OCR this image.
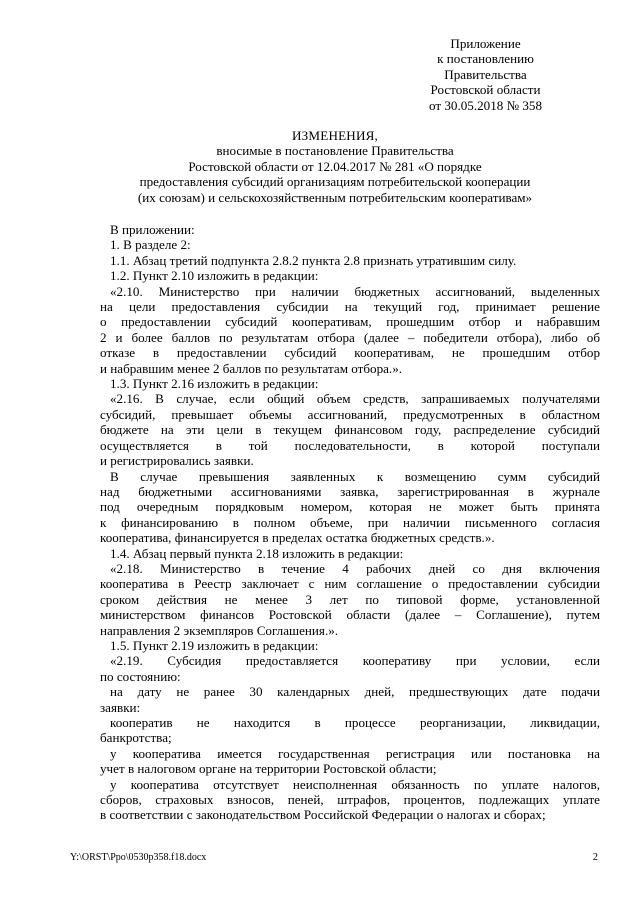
Приложение
к постановлению
Правительства
Ростовской области
от 30.05.2018 № 358
ИЗМЕНЕНИЯ,
вносимые в постановление Правительства
Ростовской области от 12.04.2017 № 281 «О порядке
предоставления субсидий организациям потребительской кооперации
(их союзам) и сельскохозяйственным потребительским кооперативам»

В приложении:

1. В разделе 2:

1.1. Абзац третий подпункта 2.8.2 пункта 2.8 признать утратившим силу.

1.2. Пункт 2.10 изложить в редакции:

«2.10. Министерство при наличии бюджетных ассигнований, выделенных

на цели предоставления субсидии на текущий год, принимает решение

о предоставлении субсидий кооперативам, прошедшим отбор и набравшим

2 и более баллов по результатам отбора (далее – победители отбора), либо об

отказе в предоставлении субсидий кооперативам, не прошедшим отбор

и набравшим менее 2 баллов по результатам отбора.».

1.3. Пункт 2.16 изложить в редакции:

«2.16. В случае, если общий объем средств, запрашиваемых получателями

субсидий, превышает объемы ассигнований, предусмотренных в областном

бюджете на эти цели в текущем финансовом году, распределение субсидий

осуществляется в той последовательности, в которой поступали

и регистрировались заявки.

В случае превышения заявленных к возмещению сумм субсидий

над бюджетными ассигнованиями заявка, зарегистрированная в журнале

под очередным порядковым номером, которая не может быть принята

к финансированию в полном объеме, при наличии письменного согласия

кооператива, финансируется в пределах остатка бюджетных средств.».

1.4. Абзац первый пункта 2.18 изложить в редакции:

«2.18. Министерство в течение 4 рабочих дней со дня включения

кооператива в Реестр заключает с ним соглашение о предоставлении субсидии

сроком действия не менее 3 лет по типовой форме, установленной

министерством финансов Ростовской области (далее – Соглашение), путем

направления 2 экземпляров Соглашения.».

1.5. Пункт 2.19 изложить в редакции:

«2.19. Субсидия предоставляется кооперативу при условии, если

по состоянию:

на дату не ранее 30 календарных дней, предшествующих дате подачи

заявки:

кооператив не находится в процессе реорганизации, ликвидации,

банкротства;

у кооператива имеется государственная регистрация или постановка на

учет в налоговом органе на территории Ростовской области;

у кооператива отсутствует неисполненная обязанность по уплате налогов,

сборов, страховых взносов, пеней, штрафов, процентов, подлежащих уплате

в соответствии с законодательством Российской Федерации о налогах и сборах;

Y:\ORST\Ppo\0530p358.f18.docx	2
